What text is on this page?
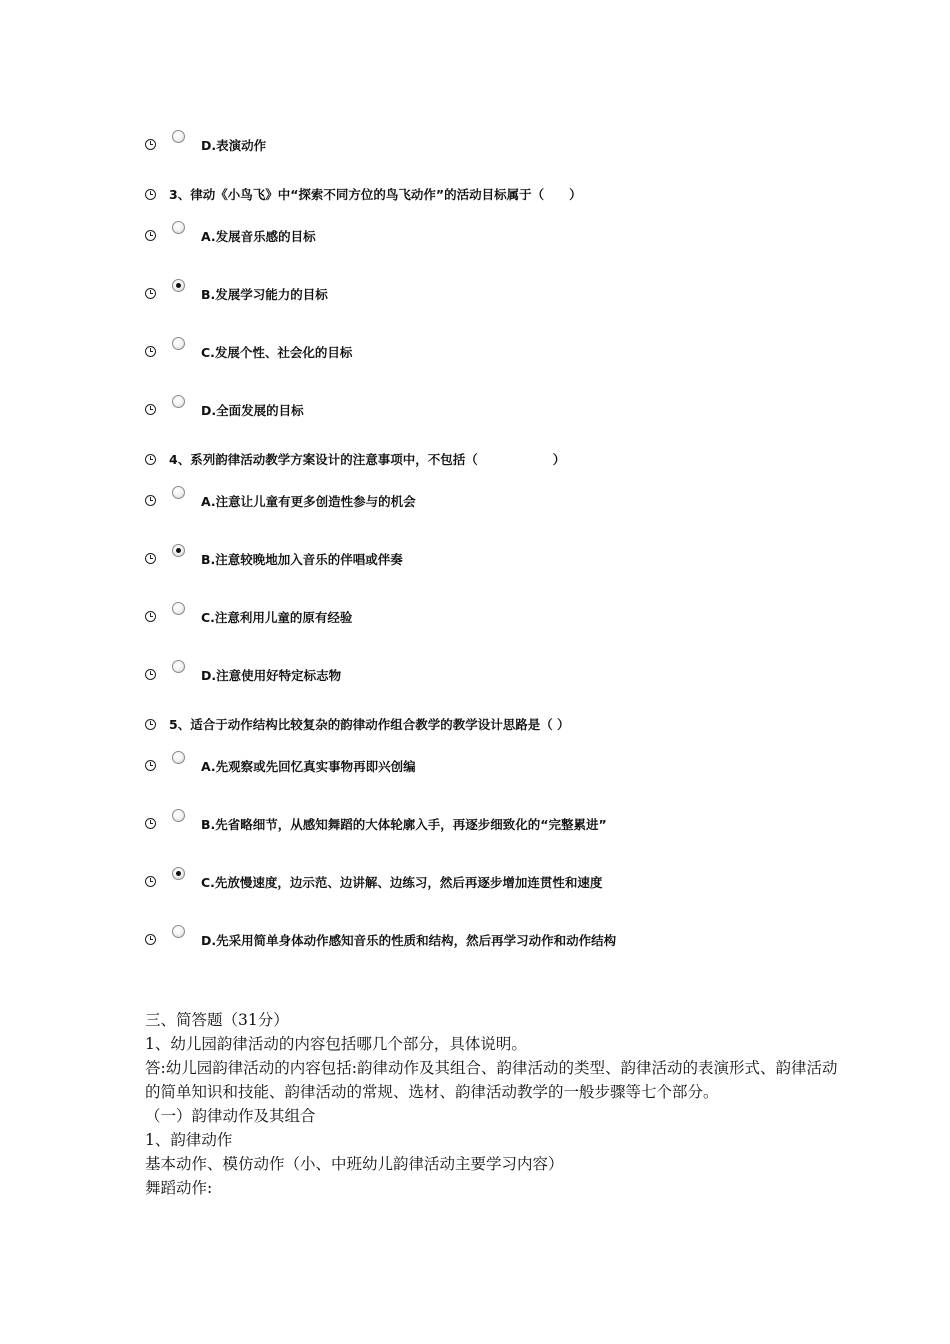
D.表演动作
3、律动《小鸟飞》中“探索不同方位的鸟飞动作”的活动目标属于（　　）
A.发展音乐感的目标
B.发展学习能力的目标
C.发展个性、社会化的目标
D.全面发展的目标
4、系列韵律活动教学方案设计的注意事项中，不包括（　　　　　　）
A.注意让儿童有更多创造性参与的机会
B.注意较晚地加入音乐的伴唱或伴奏
C.注意利用儿童的原有经验
D.注意使用好特定标志物
5、适合于动作结构比较复杂的韵律动作组合教学的教学设计思路是（ ）
A.先观察或先回忆真实事物再即兴创编
B.先省略细节，从感知舞蹈的大体轮廓入手，再逐步细致化的“完整累进”
C.先放慢速度，边示范、边讲解、边练习，然后再逐步增加连贯性和速度
D.先采用简单身体动作感知音乐的性质和结构，然后再学习动作和动作结构

三、简答题（31分）

1、幼儿园韵律活动的内容包括哪几个部分，具体说明。

答:幼儿园韵律活动的内容包括:韵律动作及其组合、韵律活动的类型、韵律活动的表演形式、韵律活动的简单知识和技能、韵律活动的常规、选材、韵律活动教学的一般步骤等七个部分。

（一）韵律动作及其组合

1、韵律动作

基本动作、模仿动作（小、中班幼儿韵律活动主要学习内容）

舞蹈动作:
